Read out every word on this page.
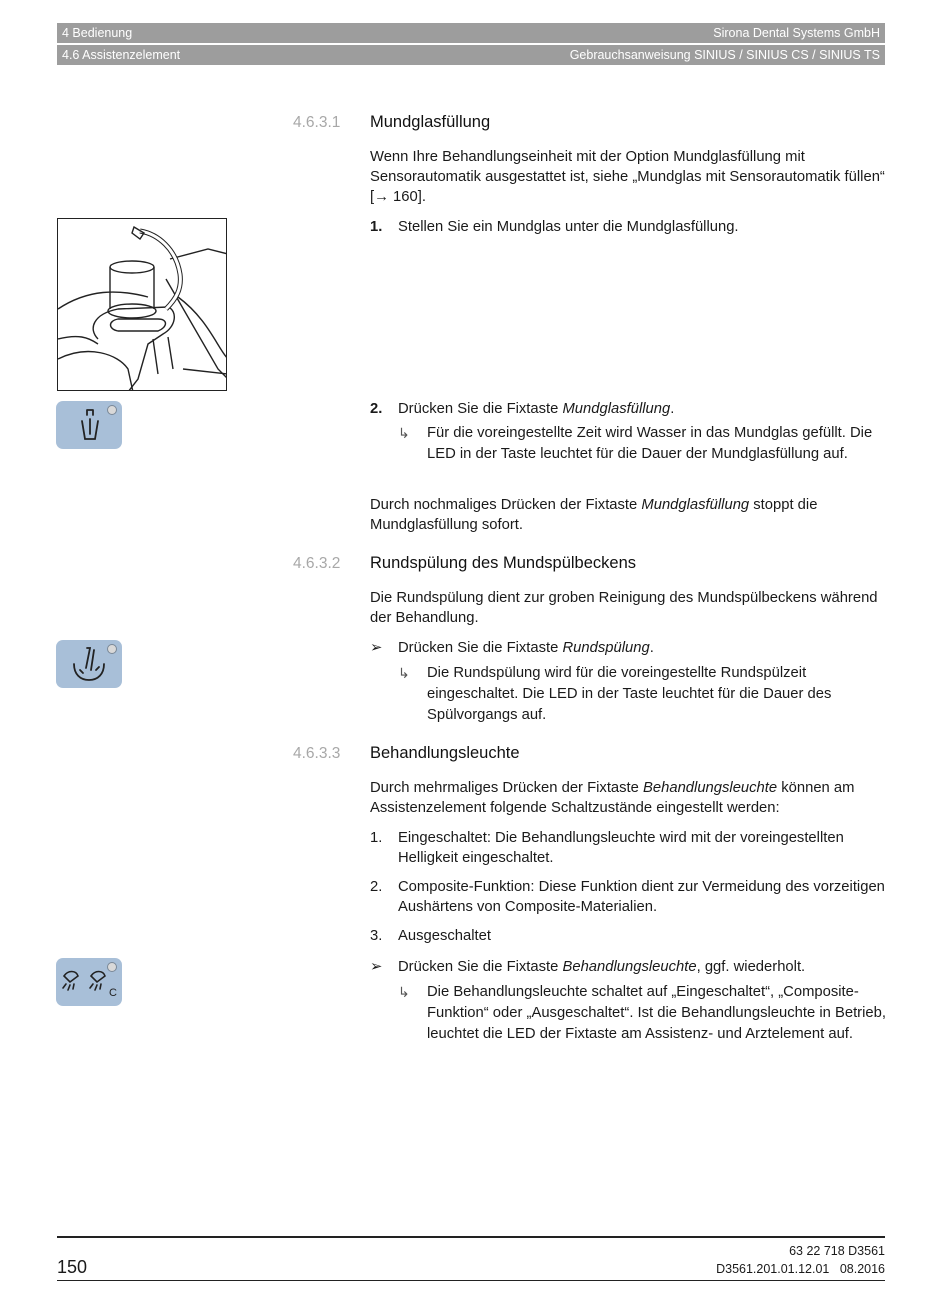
4 Bedienung	Sirona Dental Systems GmbH
4.6 Assistenzelement	Gebrauchsanweisung SINIUS / SINIUS CS / SINIUS TS
4.6.3.1 Mundglasfüllung

Wenn Ihre Behandlungseinheit mit der Option Mundglasfüllung mit Sensorautomatik ausgestattet ist, siehe „Mundglas mit Sensorautomatik füllen“ [→ 160].

1. Stellen Sie ein Mundglas unter die Mundglasfüllung.
2. Drücken Sie die Fixtaste Mundglasfüllung.
↳ Für die voreingestellte Zeit wird Wasser in das Mundglas gefüllt. Die LED in der Taste leuchtet für die Dauer der Mundglasfüllung auf.

Durch nochmaliges Drücken der Fixtaste Mundglasfüllung stoppt die Mundglasfüllung sofort.

4.6.3.2 Rundspülung des Mundspülbeckens

Die Rundspülung dient zur groben Reinigung des Mundspülbeckens während der Behandlung.

➢ Drücken Sie die Fixtaste Rundspülung.
↳ Die Rundspülung wird für die voreingestellte Rundspülzeit eingeschaltet. Die LED in der Taste leuchtet für die Dauer des Spülvorgangs auf.
4.6.3.3 Behandlungsleuchte

Durch mehrmaliges Drücken der Fixtaste Behandlungsleuchte können am Assistenzelement folgende Schaltzustände eingestellt werden:

1. Eingeschaltet: Die Behandlungsleuchte wird mit der voreingestellten Helligkeit eingeschaltet.
2. Composite-Funktion: Diese Funktion dient zur Vermeidung des vorzeitigen Aushärtens von Composite-Materialien.
3. Ausgeschaltet
C
➢ Drücken Sie die Fixtaste Behandlungsleuchte, ggf. wiederholt.
↳ Die Behandlungsleuchte schaltet auf „Eingeschaltet“, „Composite-Funktion“ oder „Ausgeschaltet“. Ist die Behandlungsleuchte in Betrieb, leuchtet die LED der Fixtaste am Assistenz- und Arztelement auf.
150
63 22 718 D3561
D3561.201.01.12.01 08.2016
